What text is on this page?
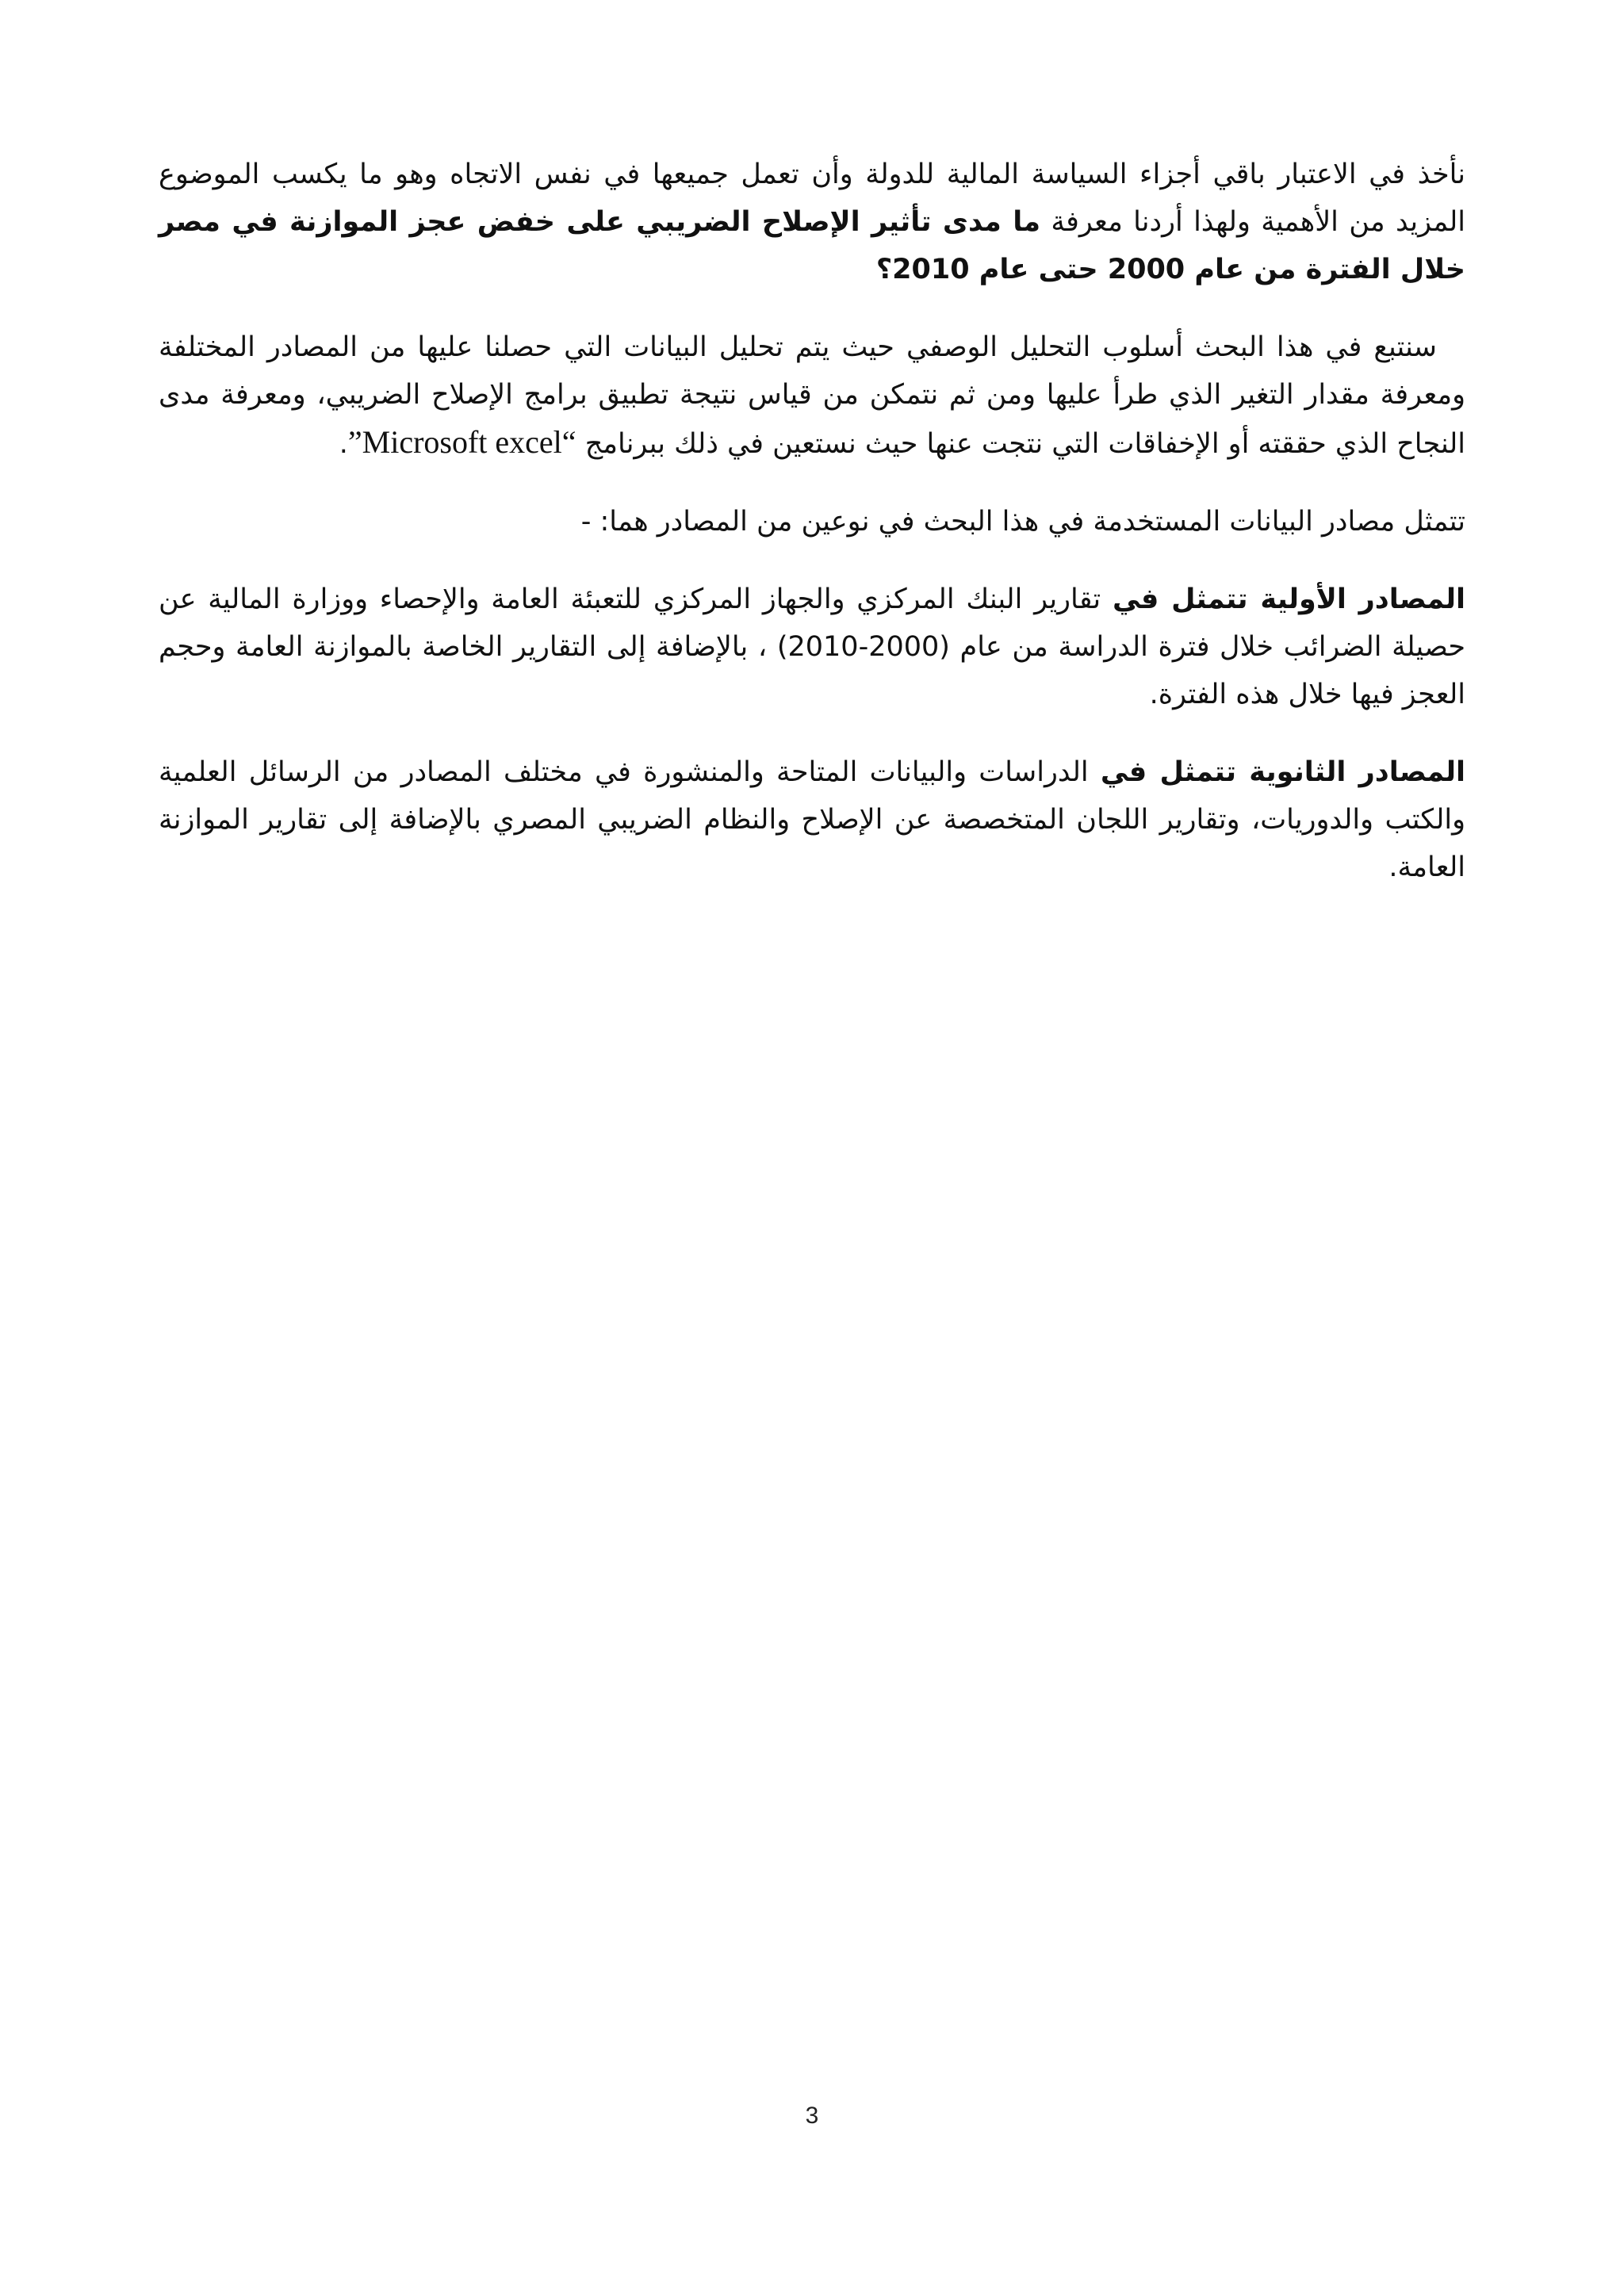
نأخذ في الاعتبار باقي أجزاء السياسة المالية للدولة وأن تعمل جميعها في نفس الاتجاه وهو ما يكسب الموضوع المزيد من الأهمية ولهذا أردنا معرفة ما مدى تأثير الإصلاح الضريبي على خفض عجز الموازنة في مصر خلال الفترة من عام 2000 حتى عام 2010؟

سنتبع في هذا البحث أسلوب التحليل الوصفي حيث يتم تحليل البيانات التي حصلنا عليها من المصادر المختلفة ومعرفة مقدار التغير الذي طرأ عليها ومن ثم نتمكن من قياس نتيجة تطبيق برامج الإصلاح الضريبي، ومعرفة مدى النجاح الذي حققته أو الإخفاقات التي نتجت عنها حيث نستعين في ذلك ببرنامج “Microsoft excel”.

تتمثل مصادر البيانات المستخدمة في هذا البحث في نوعين من المصادر هما: -

المصادر الأولية تتمثل في تقارير البنك المركزي والجهاز المركزي للتعبئة العامة والإحصاء ووزارة المالية عن حصيلة الضرائب خلال فترة الدراسة من عام (2000-2010) ، بالإضافة إلى التقارير الخاصة بالموازنة العامة وحجم العجز فيها خلال هذه الفترة.

المصادر الثانوية تتمثل في الدراسات والبيانات المتاحة والمنشورة في مختلف المصادر من الرسائل العلمية والكتب والدوريات، وتقارير اللجان المتخصصة عن الإصلاح والنظام الضريبي المصري بالإضافة إلى تقارير الموازنة العامة.

3
